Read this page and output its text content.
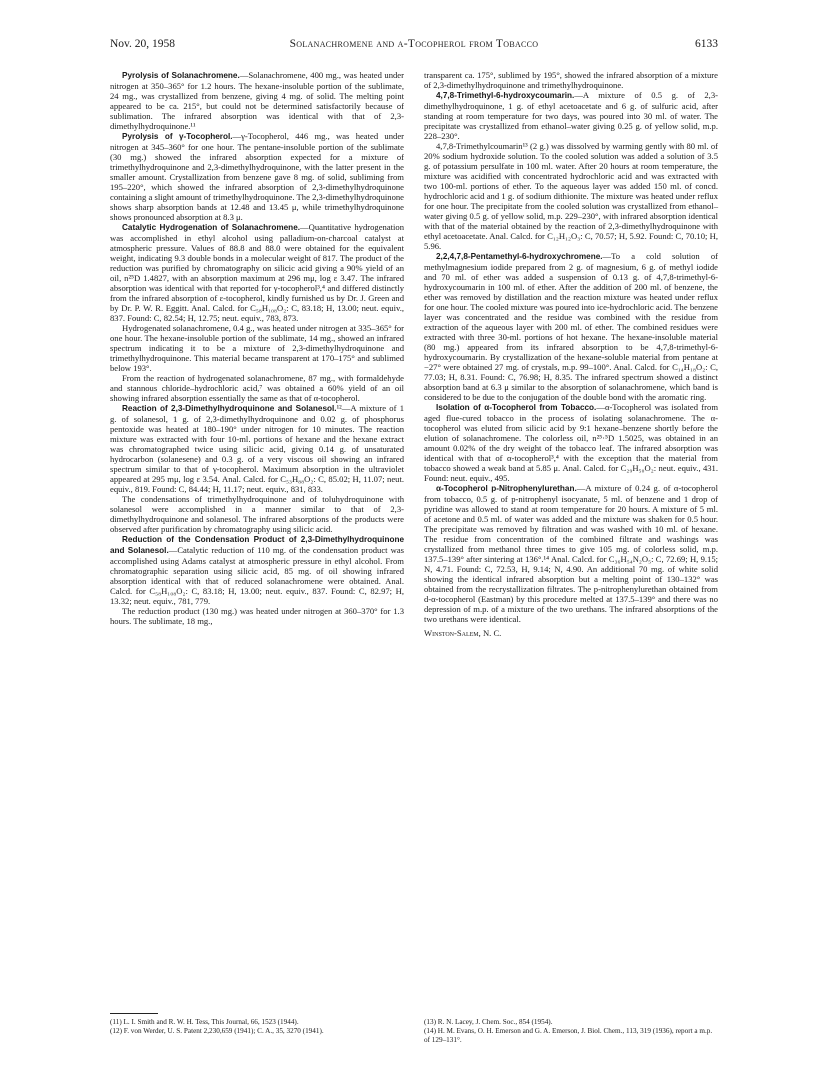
Nov. 20, 1958	Solanachromene and α-Tocopherol from Tobacco	6133

Pyrolysis of Solanachromene.—Solanachromene, 400 mg., was heated under nitrogen at 350–365° for 1.2 hours. The hexane-insoluble portion of the sublimate, 24 mg., was crystallized from benzene, giving 4 mg. of solid. The melting point appeared to be ca. 215°, but could not be determined satisfactorily because of sublimation. The infrared absorption was identical with that of 2,3-dimethylhydroquinone.¹¹

Pyrolysis of γ-Tocopherol.—γ-Tocopherol, 446 mg., was heated under nitrogen at 345–360° for one hour. The pentane-insoluble portion of the sublimate (30 mg.) showed the infrared absorption expected for a mixture of trimethylhydroquinone and 2,3-dimethylhydroquinone, with the latter present in the smaller amount. Crystallization from benzene gave 8 mg. of solid, subliming from 195–220°, which showed the infrared absorption of 2,3-dimethylhydroquinone containing a slight amount of trimethylhydroquinone. The 2,3-dimethylhydroquinone shows sharp absorption bands at 12.48 and 13.45 μ, while trimethylhydroquinone shows pronounced absorption at 8.3 μ.

Catalytic Hydrogenation of Solanachromene.—Quantitative hydrogenation was accomplished in ethyl alcohol using palladium-on-charcoal catalyst at atmospheric pressure. Values of 88.8 and 88.0 were obtained for the equivalent weight, indicating 9.3 double bonds in a molecular weight of 817. The product of the reduction was purified by chromatography on silicic acid giving a 90% yield of an oil, n²⁵D 1.4827, with an absorption maximum at 296 mμ, log ε 3.47. The infrared absorption was identical with that reported for γ-tocopherol³,⁴ and differed distinctly from the infrared absorption of ε-tocopherol, kindly furnished us by Dr. J. Green and by Dr. P. W. R. Eggitt. Anal. Calcd. for C₅₈H₁₀₈O₂: C, 83.18; H, 13.00; neut. equiv., 837. Found: C, 82.54; H, 12.75; neut. equiv., 783, 873.

Hydrogenated solanachromene, 0.4 g., was heated under nitrogen at 335–365° for one hour. The hexane-insoluble portion of the sublimate, 14 mg., showed an infrared spectrum indicating it to be a mixture of 2,3-dimethylhydroquinone and trimethylhydroquinone. This material became transparent at 170–175° and sublimed below 193°.

From the reaction of hydrogenated solanachromene, 87 mg., with formaldehyde and stannous chloride–hydrochloric acid,⁷ was obtained a 60% yield of an oil showing infrared absorption essentially the same as that of α-tocopherol.

Reaction of 2,3-Dimethylhydroquinone and Solanesol.¹²—A mixture of 1 g. of solanesol, 1 g. of 2,3-dimethylhydroquinone and 0.02 g. of phosphorus pentoxide was heated at 180–190° under nitrogen for 10 minutes. The reaction mixture was extracted with four 10-ml. portions of hexane and the hexane extract was chromatographed twice using silicic acid, giving 0.14 g. of unsaturated hydrocarbon (solanesene) and 0.3 g. of a very viscous oil showing an infrared spectrum similar to that of γ-tocopherol. Maximum absorption in the ultraviolet appeared at 295 mμ, log ε 3.54. Anal. Calcd. for C₅₃H₈₈O₂: C, 85.02; H, 11.07; neut. equiv., 819. Found: C, 84.44; H, 11.17; neut. equiv., 831, 833.

The condensations of trimethylhydroquinone and of toluhydroquinone with solanesol were accomplished in a manner similar to that of 2,3-dimethylhydroquinone and solanesol. The infrared absorptions of the products were observed after purification by chromatography using silicic acid.

Reduction of the Condensation Product of 2,3-Dimethylhydroquinone and Solanesol.—Catalytic reduction of 110 mg. of the condensation product was accomplished using Adams catalyst at atmospheric pressure in ethyl alcohol. From chromatographic separation using silicic acid, 85 mg. of oil showing infrared absorption identical with that of reduced solanachromene were obtained. Anal. Calcd. for C₅₈H₁₀₈O₂: C, 83.18; H, 13.00; neut. equiv., 837. Found: C, 82.97; H, 13.32; neut. equiv., 781, 779.

The reduction product (130 mg.) was heated under nitrogen at 360–370° for 1.3 hours. The sublimate, 18 mg.,

transparent ca. 175°, sublimed by 195°, showed the infrared absorption of a mixture of 2,3-dimethylhydroquinone and trimethylhydroquinone.

4,7,8-Trimethyl-6-hydroxycoumarin.—A mixture of 0.5 g. of 2,3-dimethylhydroquinone, 1 g. of ethyl acetoacetate and 6 g. of sulfuric acid, after standing at room temperature for two days, was poured into 30 ml. of water. The precipitate was crystallized from ethanol–water giving 0.25 g. of yellow solid, m.p. 228–230°.

4,7,8-Trimethylcoumarin¹³ (2 g.) was dissolved by warming gently with 80 ml. of 20% sodium hydroxide solution. To the cooled solution was added a solution of 3.5 g. of potassium persulfate in 100 ml. water. After 20 hours at room temperature, the mixture was acidified with concentrated hydrochloric acid and was extracted with two 100-ml. portions of ether. To the aqueous layer was added 150 ml. of concd. hydrochloric acid and 1 g. of sodium dithionite. The mixture was heated under reflux for one hour. The precipitate from the cooled solution was crystallized from ethanol–water giving 0.5 g. of yellow solid, m.p. 229–230°, with infrared absorption identical with that of the material obtained by the reaction of 2,3-dimethylhydroquinone with ethyl acetoacetate. Anal. Calcd. for C₁₂H₁₂O₃: C, 70.57; H, 5.92. Found: C, 70.10; H, 5.96.

2,2,4,7,8-Pentamethyl-6-hydroxychromene.—To a cold solution of methylmagnesium iodide prepared from 2 g. of magnesium, 6 g. of methyl iodide and 70 ml. of ether was added a suspension of 0.13 g. of 4,7,8-trimethyl-6-hydroxycoumarin in 100 ml. of ether. After the addition of 200 ml. of benzene, the ether was removed by distillation and the reaction mixture was heated under reflux for one hour. The cooled mixture was poured into ice-hydrochloric acid. The benzene layer was concentrated and the residue was combined with the residue from extraction of the aqueous layer with 200 ml. of ether. The combined residues were extracted with three 30-ml. portions of hot hexane. The hexane-insoluble material (80 mg.) appeared from its infrared absorption to be 4,7,8-trimethyl-6-hydroxycoumarin. By crystallization of the hexane-soluble material from pentane at −27° were obtained 27 mg. of crystals, m.p. 99–100°. Anal. Calcd. for C₁₄H₁₈O₂: C, 77.03; H, 8.31. Found: C, 76.98; H, 8.35. The infrared spectrum showed a distinct absorption band at 6.3 μ similar to the absorption of solanachromene, which band is considered to be due to the conjugation of the double bond with the aromatic ring.

Isolation of α-Tocopherol from Tobacco.—α-Tocopherol was isolated from aged flue-cured tobacco in the process of isolating solanachromene. The α-tocopherol was eluted from silicic acid by 9:1 hexane–benzene shortly before the elution of solanachromene. The colorless oil, n²⁵·⁵D 1.5025, was obtained in an amount 0.02% of the dry weight of the tobacco leaf. The infrared absorption was identical with that of α-tocopherol³,⁴ with the exception that the material from tobacco showed a weak band at 5.85 μ. Anal. Calcd. for C₂₉H₅₀O₂: neut. equiv., 431. Found: neut. equiv., 495.

α-Tocopherol p-Nitrophenylurethan.—A mixture of 0.24 g. of α-tocopherol from tobacco, 0.5 g. of p-nitrophenyl isocyanate, 5 ml. of benzene and 1 drop of pyridine was allowed to stand at room temperature for 20 hours. A mixture of 5 ml. of acetone and 0.5 ml. of water was added and the mixture was shaken for 0.5 hour. The precipitate was removed by filtration and was washed with 10 ml. of hexane. The residue from concentration of the combined filtrate and washings was crystallized from methanol three times to give 105 mg. of colorless solid, m.p. 137.5–139° after sintering at 136°.¹⁴ Anal. Calcd. for C₃₆H₅₄N₂O₅: C, 72.69; H, 9.15; N, 4.71. Found: C, 72.53, H, 9.14; N, 4.90. An additional 70 mg. of white solid showing the identical infrared absorption but a melting point of 130–132° was obtained from the recrystallization filtrates. The p-nitrophenylurethan obtained from d-α-tocopherol (Eastman) by this procedure melted at 137.5–139° and there was no depression of m.p. of a mixture of the two urethans. The infrared absorptions of the two urethans were identical.

Winston-Salem, N. C.

(11) L. I. Smith and R. W. H. Tess, This Journal, 66, 1523 (1944).
(12) F. von Werder, U. S. Patent 2,230,659 (1941); C. A., 35, 3270 (1941).
(13) R. N. Lacey, J. Chem. Soc., 854 (1954).
(14) H. M. Evans, O. H. Emerson and G. A. Emerson, J. Biol. Chem., 113, 319 (1936), report a m.p. of 129–131°.
